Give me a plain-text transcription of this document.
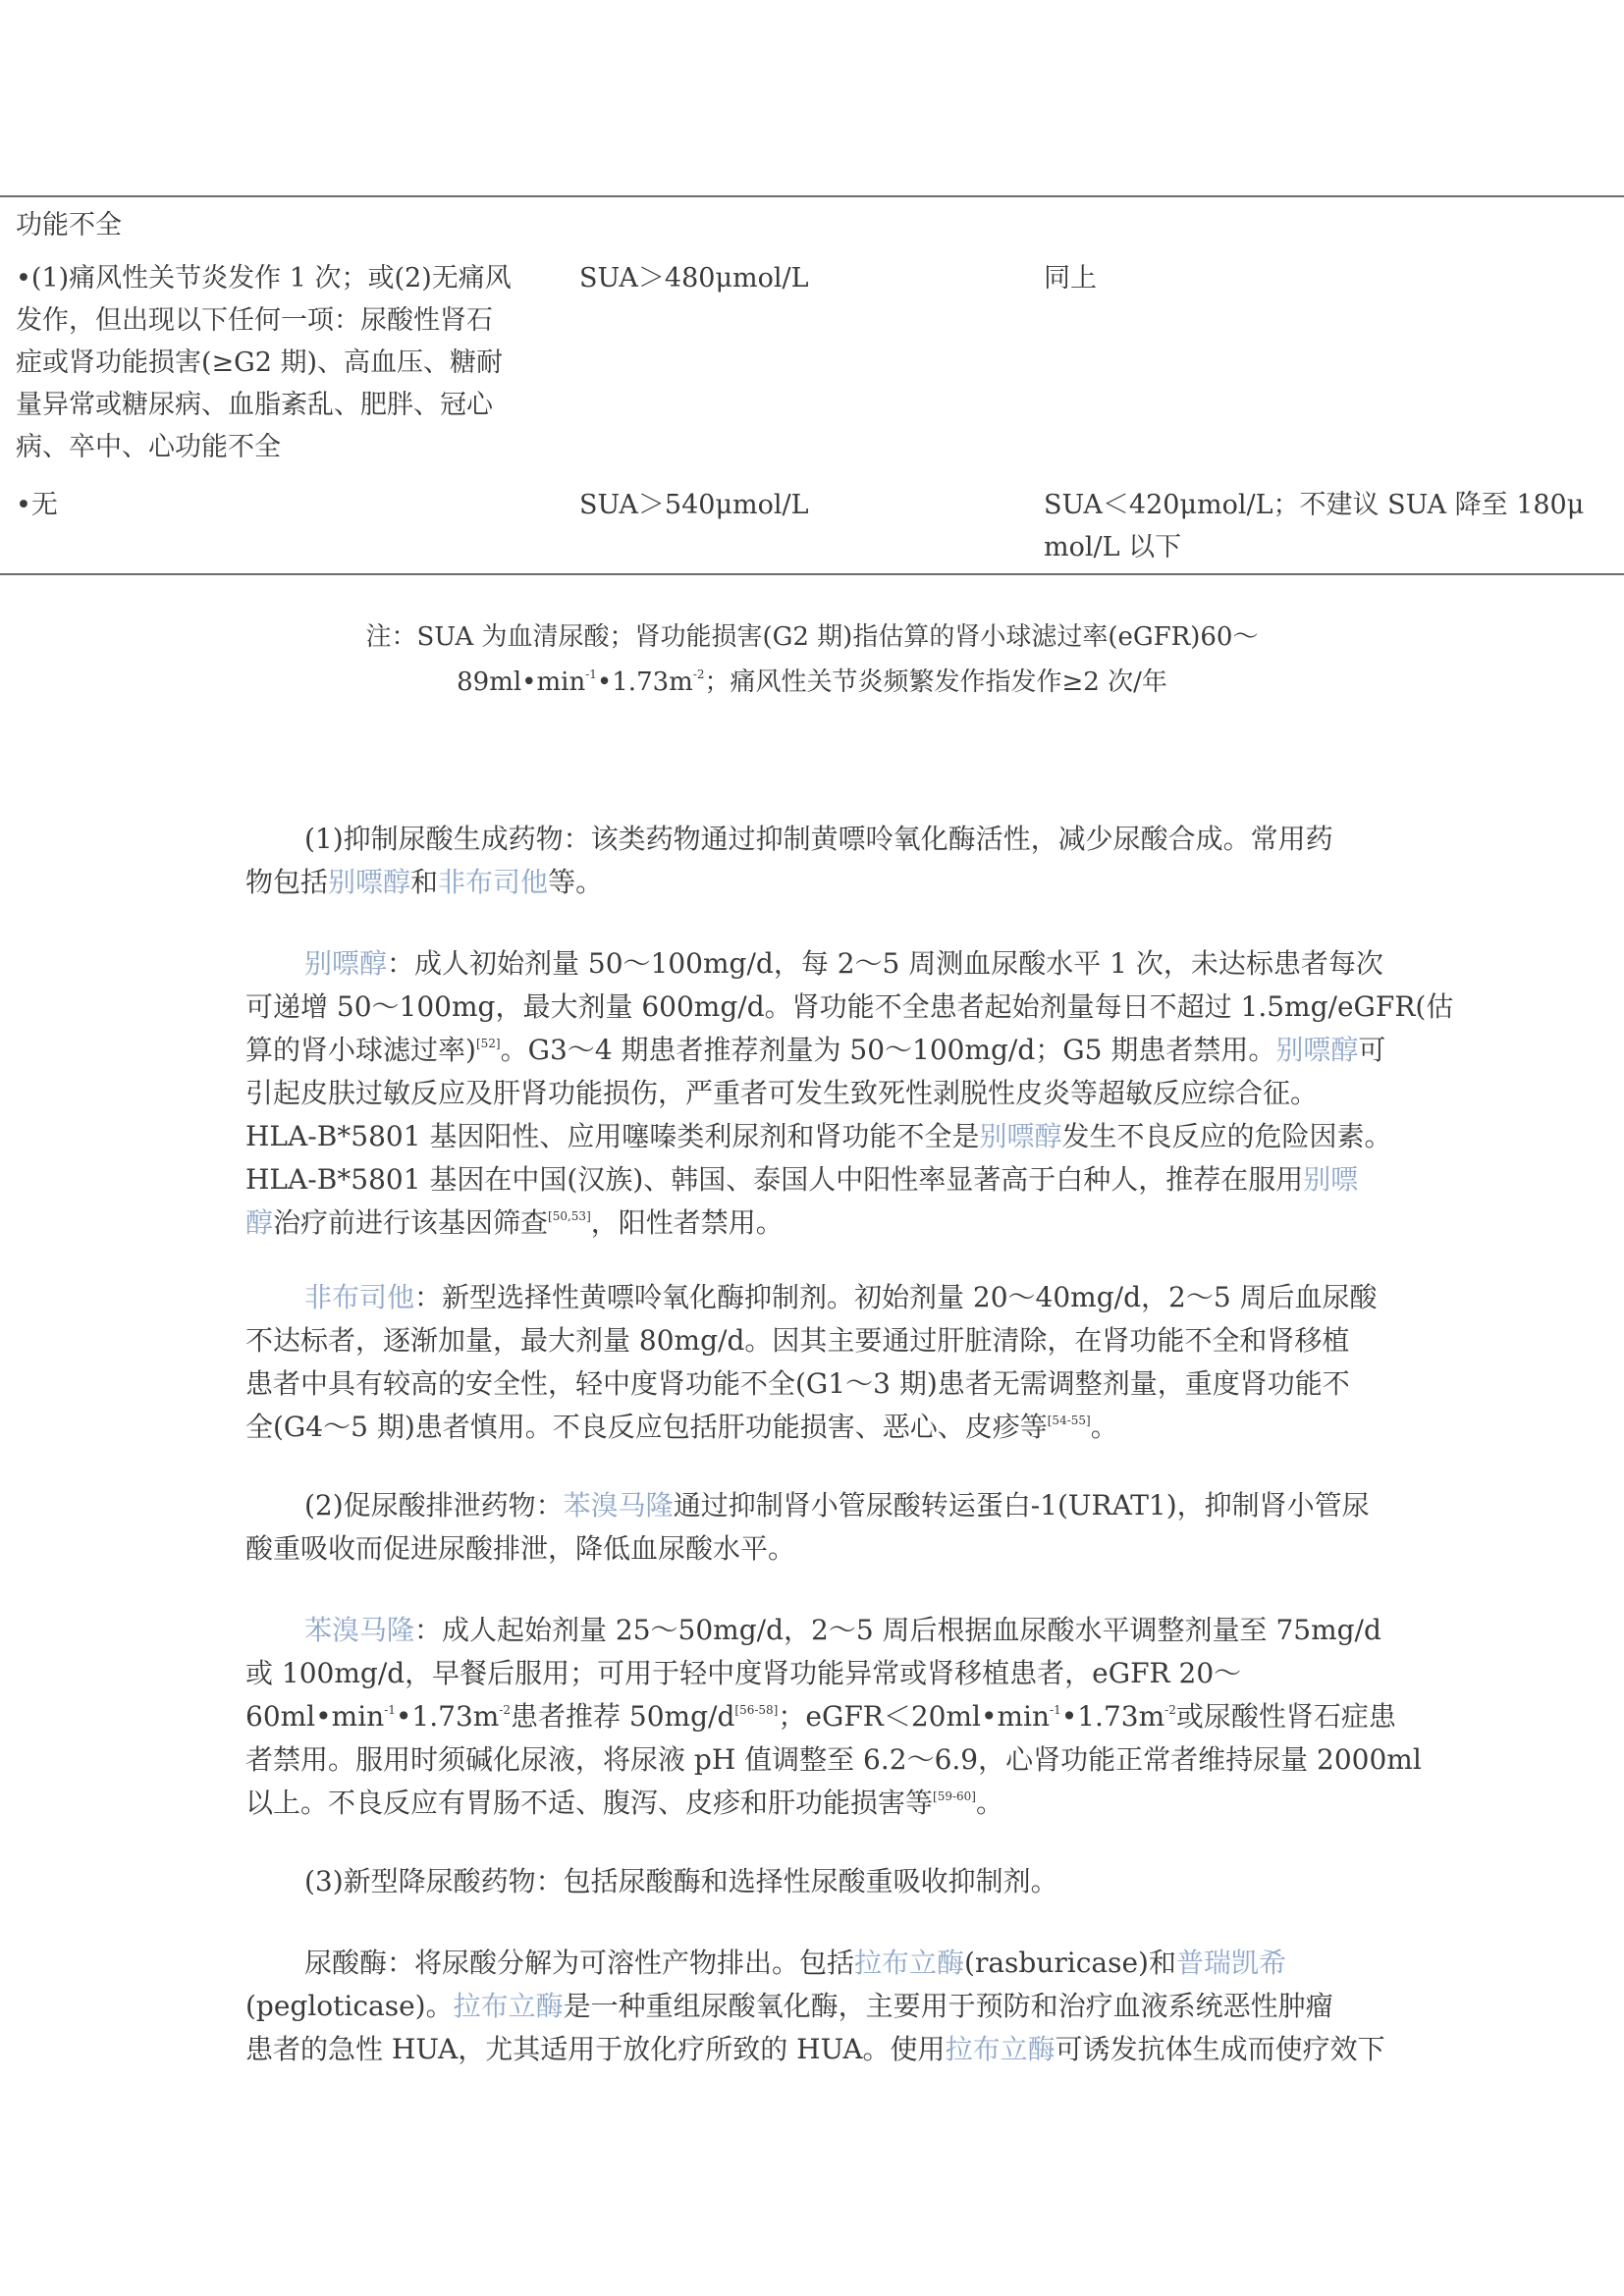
功能不全
•(1)痛风性关节炎发作 1 次；或(2)无痛风
发作，但出现以下任何一项：尿酸性肾石
症或肾功能损害(≥G2 期)、高血压、糖耐
量异常或糖尿病、血脂紊乱、肥胖、冠心
病、卒中、心功能不全
SUA＞480μmol/L	同上
•无	SUA＞540μmol/L	SUA＜420μmol/L；不建议 SUA 降至 180μ
mol/L 以下
注：SUA 为血清尿酸；肾功能损害(G2 期)指估算的肾小球滤过率(eGFR)60～
$89ml•\min^{-1}•1.73m^{-2}$；痛风性关节炎频繁发作指发作≥2 次/年
(1)抑制尿酸生成药物：该类药物通过抑制黄嘌呤氧化酶活性，减少尿酸合成。常用药
物包括别嘌醇和非布司他等。
别嘌醇：成人初始剂量 50～100mg/d，每 2～5 周测血尿酸水平 1 次，未达标患者每次
可递增 50～100mg，最大剂量 600mg/d。肾功能不全患者起始剂量每日不超过 1.5mg/eGFR(估
算的肾小球滤过率)[52]。G3～4 期患者推荐剂量为 50～100mg/d；G5 期患者禁用。别嘌醇可
引起皮肤过敏反应及肝肾功能损伤，严重者可发生致死性剥脱性皮炎等超敏反应综合征。
HLA-B*5801 基因阳性、应用噻嗪类利尿剂和肾功能不全是别嘌醇发生不良反应的危险因素。
HLA-B*5801 基因在中国(汉族)、韩国、泰国人中阳性率显著高于白种人，推荐在服用别嘌
醇治疗前进行该基因筛查[50,53]，阳性者禁用。
非布司他：新型选择性黄嘌呤氧化酶抑制剂。初始剂量 20～40mg/d，2～5 周后血尿酸
不达标者，逐渐加量，最大剂量 80mg/d。因其主要通过肝脏清除，在肾功能不全和肾移植
患者中具有较高的安全性，轻中度肾功能不全(G1～3 期)患者无需调整剂量，重度肾功能不
全(G4～5 期)患者慎用。不良反应包括肝功能损害、恶心、皮疹等[54-55]。
(2)促尿酸排泄药物：苯溴马隆通过抑制肾小管尿酸转运蛋白-1(URAT1)，抑制肾小管尿
酸重吸收而促进尿酸排泄，降低血尿酸水平。
苯溴马隆：成人起始剂量 25～50mg/d，2～5 周后根据血尿酸水平调整剂量至 75mg/d
或 100mg/d，早餐后服用；可用于轻中度肾功能异常或肾移植患者，eGFR 20～
$60ml•\min^{-1}•1.73m^{-2}$患者推荐 50mg/d[56-58]；$eGFR<20ml•\min^{-1}•1.73m^{-2}$或尿酸性肾石症患
者禁用。服用时须碱化尿液，将尿液 pH 值调整至 6.2～6.9，心肾功能正常者维持尿量 2000ml
以上。不良反应有胃肠不适、腹泻、皮疹和肝功能损害等[59-60]。
(3)新型降尿酸药物：包括尿酸酶和选择性尿酸重吸收抑制剂。
尿酸酶：将尿酸分解为可溶性产物排出。包括拉布立酶(rasburicase)和普瑞凯希
(pegloticase)。拉布立酶是一种重组尿酸氧化酶，主要用于预防和治疗血液系统恶性肿瘤
患者的急性 HUA，尤其适用于放化疗所致的 HUA。使用拉布立酶可诱发抗体生成而使疗效下
